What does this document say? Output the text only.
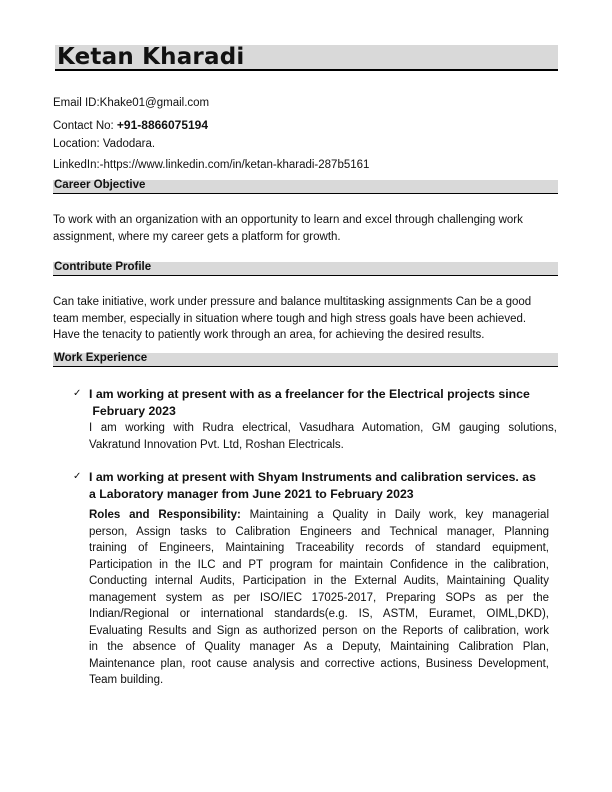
Ketan Kharadi
Email ID:Khake01@gmail.com
Contact No: +91-8866075194
Location: Vadodara.
LinkedIn:-https://www.linkedin.com/in/ketan-kharadi-287b5161
Career Objective
To work with an organization with an opportunity to learn and excel through challenging work
assignment, where my career gets a platform for growth.
Contribute Profile
Can take initiative, work under pressure and balance multitasking assignments Can be a good
team member, especially in situation where tough and high stress goals have been achieved.
Have the tenacity to patiently work through an area, for achieving the desired results.
Work Experience
✓ I am working at present with as a freelancer for the Electrical projects since
February 2023
I am working with Rudra electrical, Vasudhara Automation, GM gauging solutions,
Vakratund Innovation Pvt. Ltd, Roshan Electricals.
✓ I am working at present with Shyam Instruments and calibration services. as
a Laboratory manager from June 2021 to February 2023
Roles and Responsibility: Maintaining a Quality in Daily work, key managerial
person, Assign tasks to Calibration Engineers and Technical manager, Planning
training of Engineers, Maintaining Traceability records of standard equipment,
Participation in the ILC and PT program for maintain Confidence in the calibration,
Conducting internal Audits, Participation in the External Audits, Maintaining Quality
management system as per ISO/IEC 17025-2017, Preparing SOPs as per the
Indian/Regional or international standards(e.g. IS, ASTM, Euramet, OIML,DKD),
Evaluating Results and Sign as authorized person on the Reports of calibration, work
in the absence of Quality manager As a Deputy, Maintaining Calibration Plan,
Maintenance plan, root cause analysis and corrective actions, Business Development,
Team building.
